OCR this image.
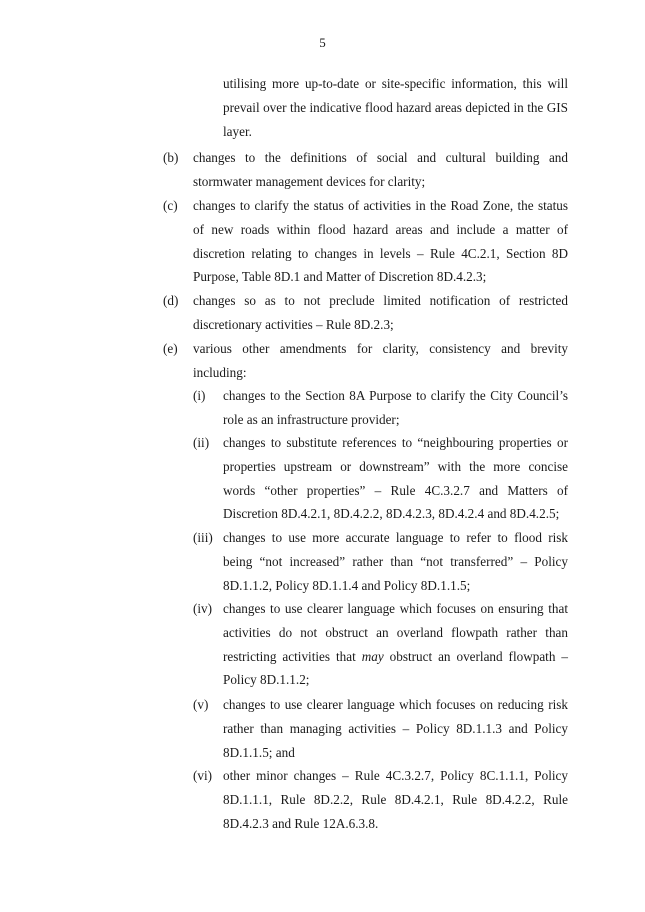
5
utilising more up-to-date or site-specific information, this will prevail over the indicative flood hazard areas depicted in the GIS layer.
(b) changes to the definitions of social and cultural building and stormwater management devices for clarity;
(c) changes to clarify the status of activities in the Road Zone, the status of new roads within flood hazard areas and include a matter of discretion relating to changes in levels – Rule 4C.2.1, Section 8D Purpose, Table 8D.1 and Matter of Discretion 8D.4.2.3;
(d) changes so as to not preclude limited notification of restricted discretionary activities – Rule 8D.2.3;
(e) various other amendments for clarity, consistency and brevity including:
(i) changes to the Section 8A Purpose to clarify the City Council’s role as an infrastructure provider;
(ii) changes to substitute references to “neighbouring properties or properties upstream or downstream” with the more concise words “other properties” – Rule 4C.3.2.7 and Matters of Discretion 8D.4.2.1, 8D.4.2.2, 8D.4.2.3, 8D.4.2.4 and 8D.4.2.5;
(iii) changes to use more accurate language to refer to flood risk being “not increased” rather than “not transferred” – Policy 8D.1.1.2, Policy 8D.1.1.4 and Policy 8D.1.1.5;
(iv) changes to use clearer language which focuses on ensuring that activities do not obstruct an overland flowpath rather than restricting activities that may obstruct an overland flowpath – Policy 8D.1.1.2;
(v) changes to use clearer language which focuses on reducing risk rather than managing activities – Policy 8D.1.1.3 and Policy 8D.1.1.5; and
(vi) other minor changes – Rule 4C.3.2.7, Policy 8C.1.1.1, Policy 8D.1.1.1, Rule 8D.2.2, Rule 8D.4.2.1, Rule 8D.4.2.2, Rule 8D.4.2.3 and Rule 12A.6.3.8.
